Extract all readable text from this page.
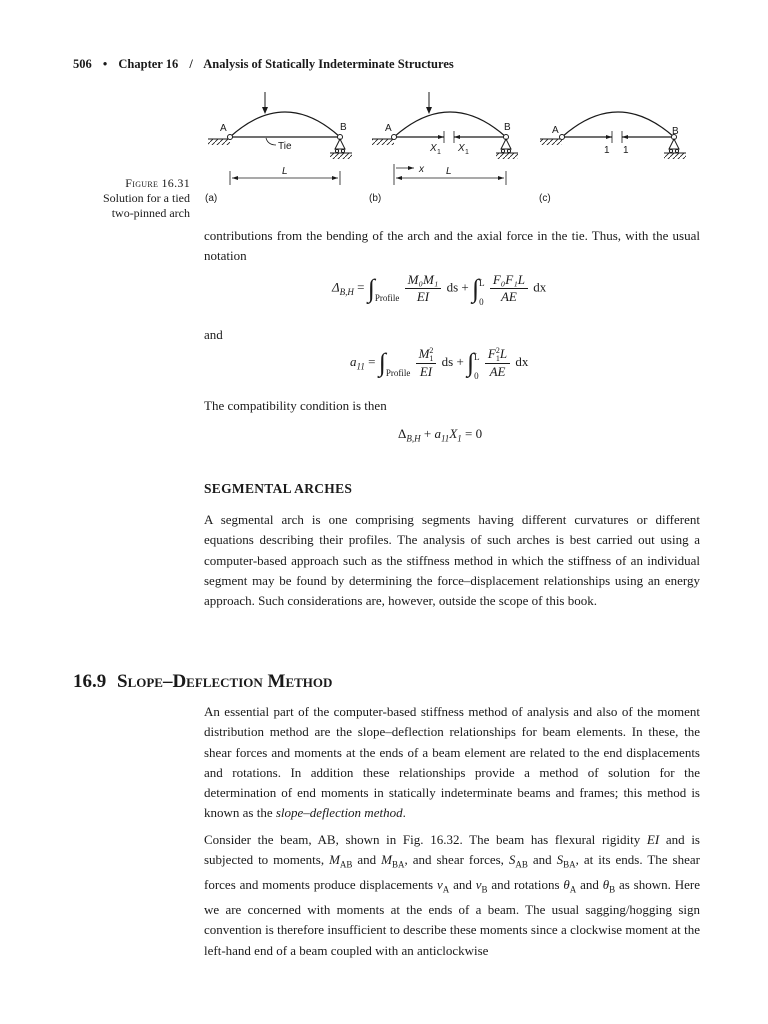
506 • Chapter 16 / Analysis of Statically Indeterminate Structures
A	B
Tie
L
(a)
A	B
X 1 X 1
x L
(b)
A	B
1 1
(c)
Figure 16.31
Solution for a tied
two-pinned arch

contributions from the bending of the arch and the axial force in the tie. Thus, with the usual notation

$\Delta_{B,H} = \int_{Profile} \frac{\text{M₀M₁}}{EI}$ ds + ∫ L
0
$\frac{\text{F₀F₁L}}{AE}$ dx
and
$a_{11} = \int_{Profile}$ M 2
1
EI ds + ∫ L
0
F 2
1 L
AE dx
The compatibility condition is then
$\Delta_{B,H} + a_{11}X_1 = 0$
SEGMENTAL ARCHES

A segmental arch is one comprising segments having different curvatures or different equations describing their profiles. The analysis of such arches is best carried out using a computer-based approach such as the stiffness method in which the stiffness of an individual segment may be found by determining the force–displacement relationships using an energy approach. Such considerations are, however, outside the scope of this book.

16.9 Slope–Deflection Method

An essential part of the computer-based stiffness method of analysis and also of the moment distribution method are the slope–deflection relationships for beam elements. In these, the shear forces and moments at the ends of a beam element are related to the end displacements and rotations. In addition these relationships provide a method of solution for the determination of end moments in statically indeterminate beams and frames; this method is known as the slope–deflection method.

Consider the beam, AB, shown in Fig. 16.32. The beam has flexural rigidity EI and is subjected to moments, $M_{AB}$ and $M_{BA}$, and shear forces, $S_{AB}$ and $S_{BA}$, at its ends. The shear forces and moments produce displacements $v_A$ and $v_B$ and rotations $\theta_A$ and $\theta_B$ as shown. Here we are concerned with moments at the ends of a beam. The usual sagging/hogging sign convention is therefore insufficient to describe these moments since a clockwise moment at the left-hand end of a beam coupled with an anticlockwise
